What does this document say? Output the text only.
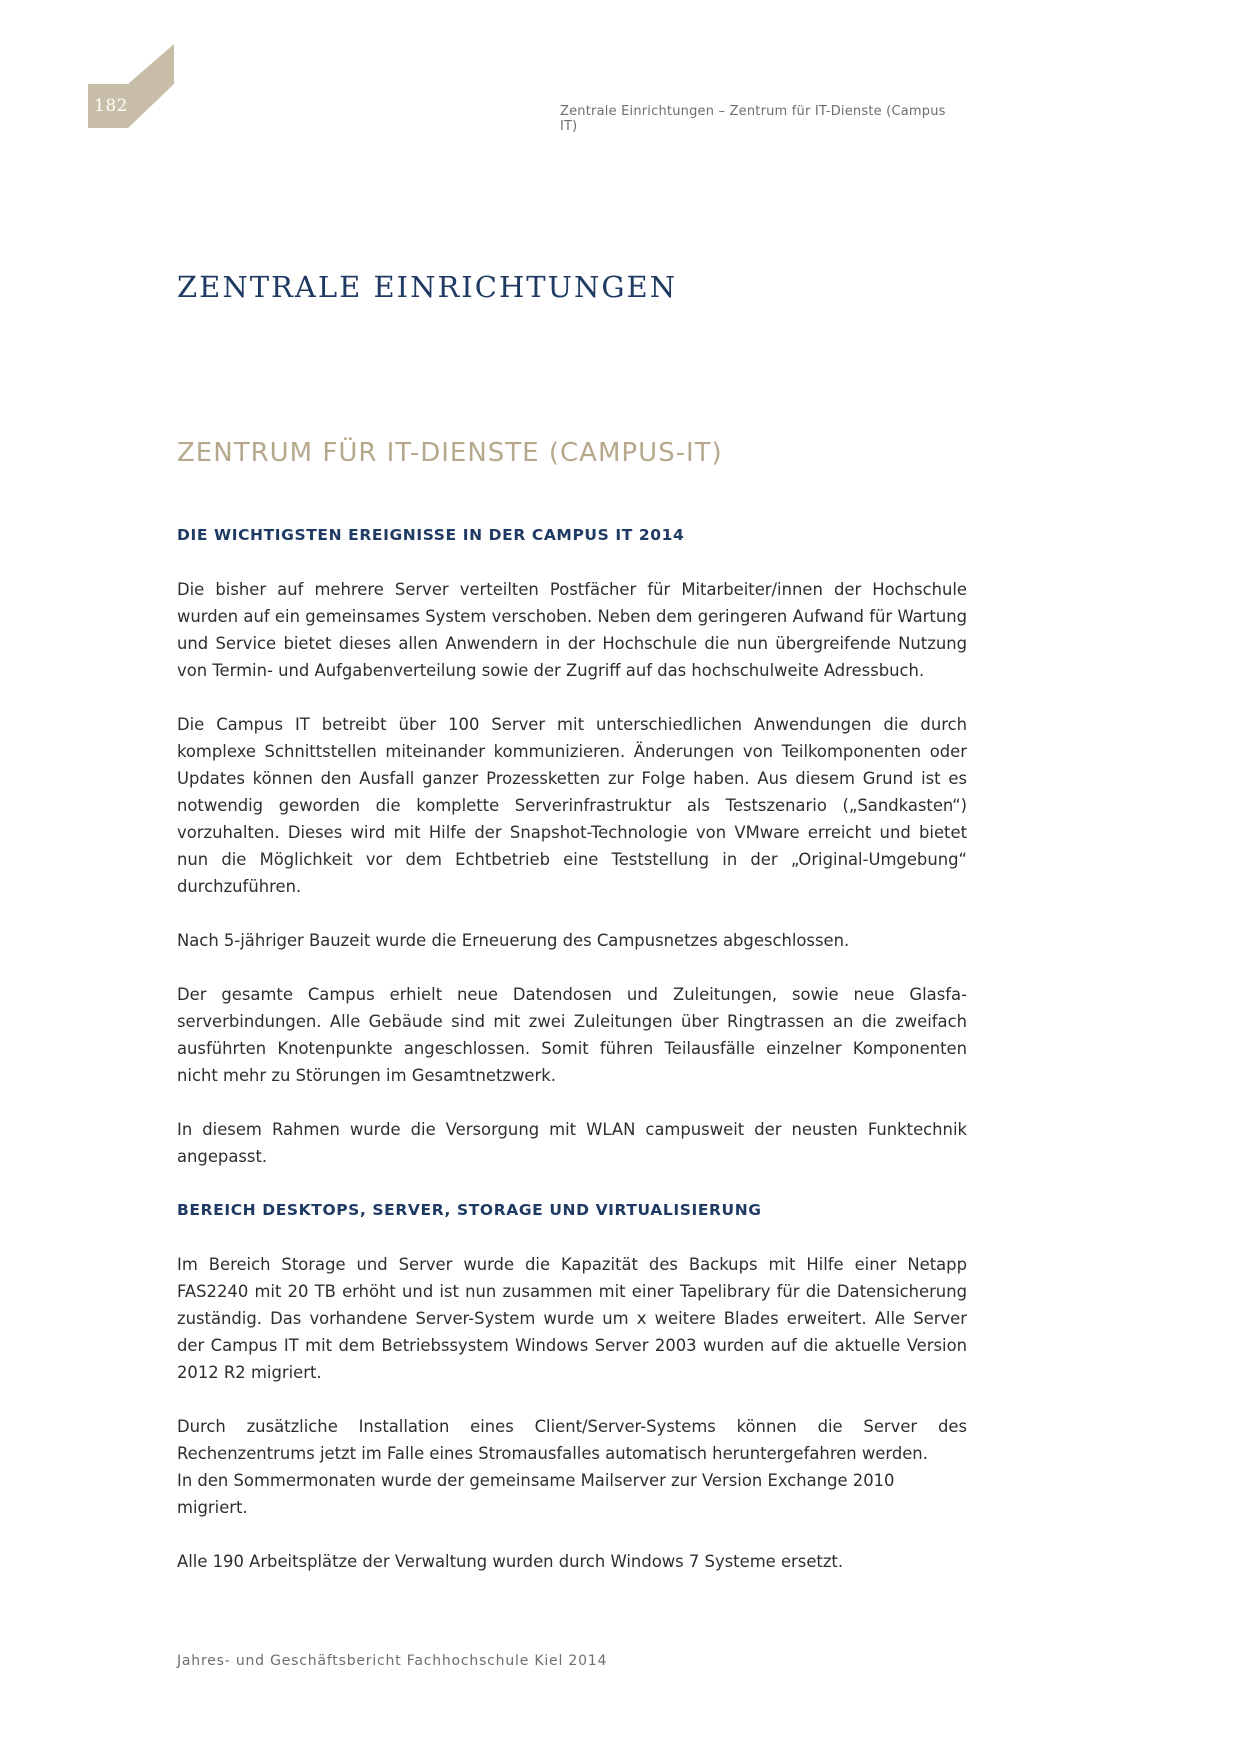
182	Zentrale Einrichtungen – Zentrum für IT-Dienste (Campus IT)
ZENTRALE EINRICHTUNGEN
ZENTRUM FÜR IT-DIENSTE (CAMPUS-IT)
DIE WICHTIGSTEN EREIGNISSE IN DER CAMPUS IT 2014

Die bisher auf mehrere Server verteilten Postfächer für Mitarbeiter/innen der Hochschule wurden auf ein gemeinsames System verschoben. Neben dem geringeren Aufwand für Wartung und Service bietet dieses allen Anwendern in der Hochschule die nun übergreifende Nutzung von Termin- und Aufgabenverteilung sowie der Zugriff auf das hochschulweite Adressbuch.

Die Campus IT betreibt über 100 Server mit unterschiedlichen Anwendungen die durch komplexe Schnittstellen miteinander kommunizieren. Änderungen von Teilkomponenten oder Updates können den Ausfall ganzer Prozessketten zur Folge haben. Aus diesem Grund ist es notwendig geworden die komplette Serverinfrastruktur als Testszenario („Sandkasten“) vorzuhalten. Dieses wird mit Hilfe der Snapshot-Technologie von VMware erreicht und bietet nun die Möglichkeit vor dem Echtbetrieb eine Teststellung in der „Original-Umgebung“ durchzuführen.

Nach 5-jähriger Bauzeit wurde die Erneuerung des Campusnetzes abgeschlossen.

Der gesamte Campus erhielt neue Datendosen und Zuleitungen, sowie neue Glasfa-serverbindungen. Alle Gebäude sind mit zwei Zuleitungen über Ringtrassen an die zweifach ausführten Knotenpunkte angeschlossen. Somit führen Teilausfälle einzelner Komponenten nicht mehr zu Störungen im Gesamtnetzwerk.

In diesem Rahmen wurde die Versorgung mit WLAN campusweit der neusten Funktechnik angepasst.

BEREICH DESKTOPS, SERVER, STORAGE UND VIRTUALISIERUNG

Im Bereich Storage und Server wurde die Kapazität des Backups mit Hilfe einer Netapp FAS2240 mit 20 TB erhöht und ist nun zusammen mit einer Tapelibrary für die Datensicherung zuständig. Das vorhandene Server-System wurde um x weitere Blades erweitert. Alle Server der Campus IT mit dem Betriebssystem Windows Server 2003 wurden auf die aktuelle Version 2012 R2 migriert.

Durch zusätzliche Installation eines Client/Server-Systems können die Server des Rechenzentrums jetzt im Falle eines Stromausfalles automatisch heruntergefahren werden.

In den Sommermonaten wurde der gemeinsame Mailserver zur Version Exchange 2010 migriert.

Alle 190 Arbeitsplätze der Verwaltung wurden durch Windows 7 Systeme ersetzt.

Jahres- und Geschäftsbericht Fachhochschule Kiel 2014
